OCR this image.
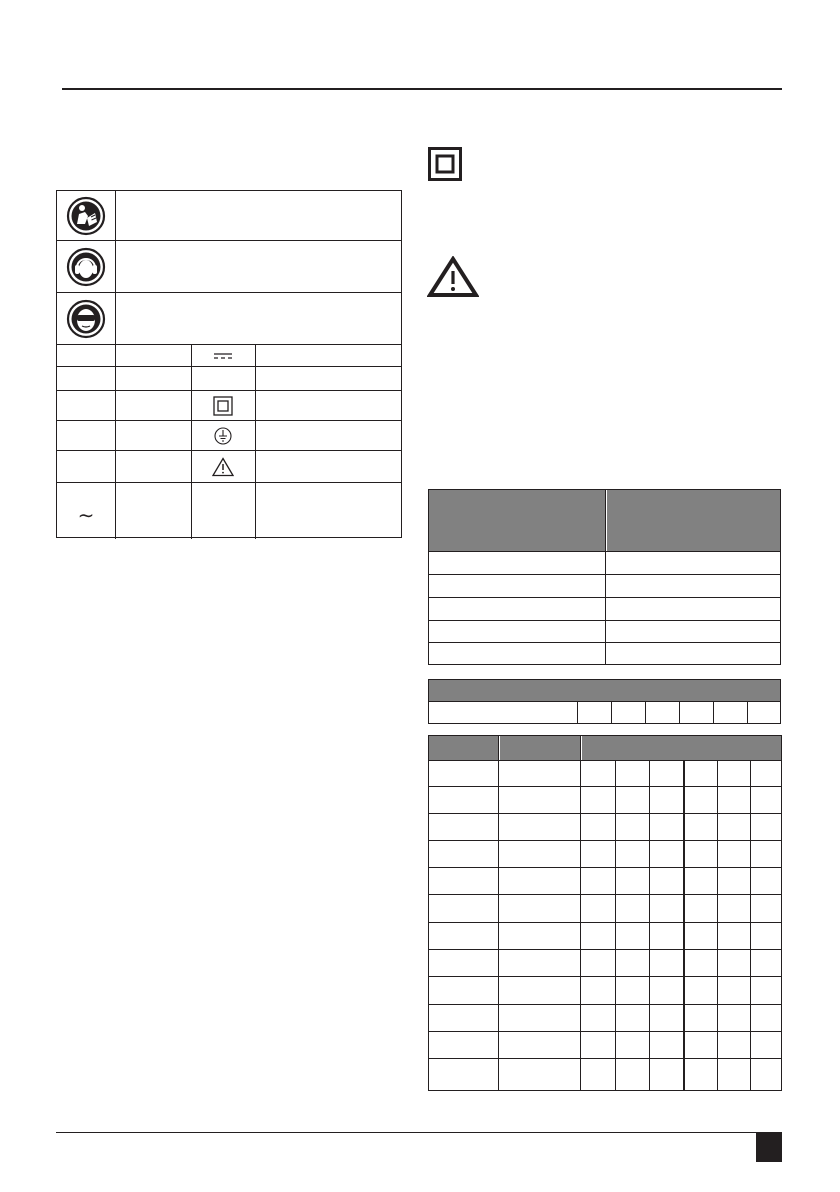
∼
